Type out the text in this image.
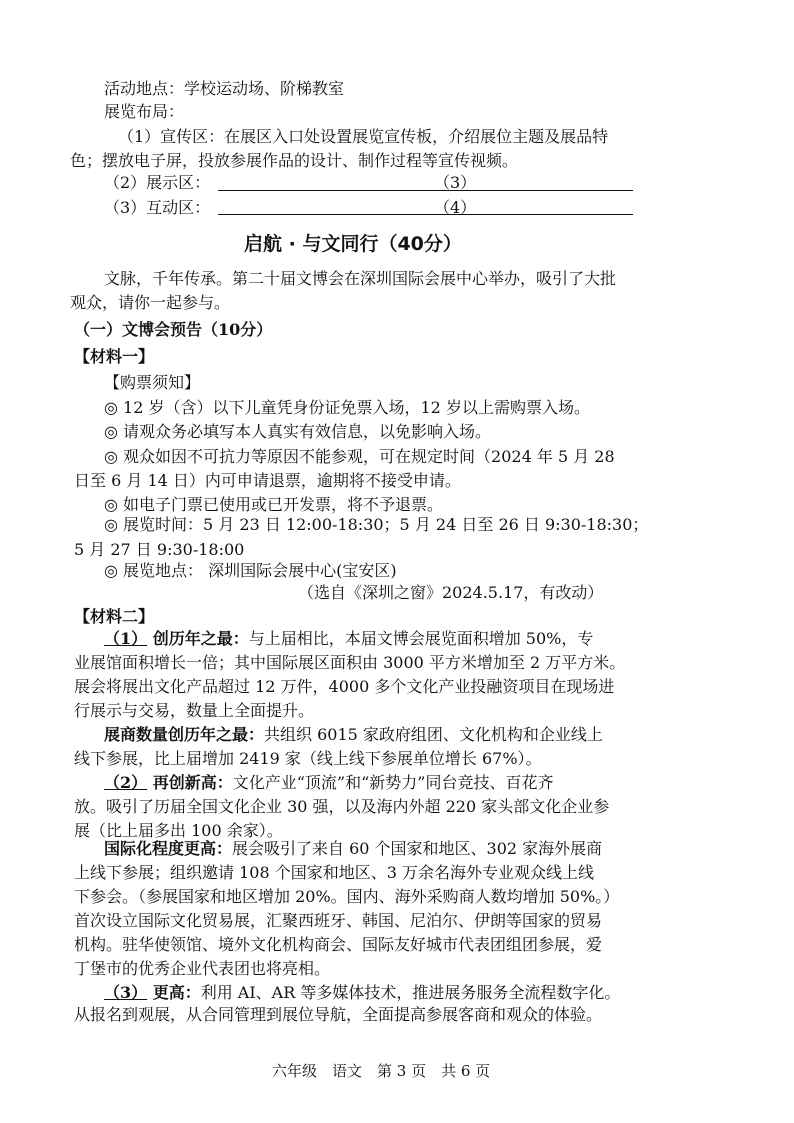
活动地点：学校运动场、阶梯教室
展览布局：
（1）宣传区：在展区入口处设置展览宣传板，介绍展位主题及展品特
色；摆放电子屏，投放参展作品的设计、制作过程等宣传视频。
（2）展示区：	（3）
（3）互动区：	（4）
启航 · 与文同行（40分）
文脉，千年传承。第二十届文博会在深圳国际会展中心举办，吸引了大批
观众，请你一起参与。
（一）文博会预告（10分）
【材料一】
【购票须知】
◎ 12 岁（含）以下儿童凭身份证免票入场，12 岁以上需购票入场。
◎ 请观众务必填写本人真实有效信息，以免影响入场。
◎ 观众如因不可抗力等原因不能参观，可在规定时间（2024 年 5 月 28
日至 6 月 14 日）内可申请退票，逾期将不接受申请。
◎ 如电子门票已使用或已开发票，将不予退票。
◎ 展览时间：5 月 23 日 12:00-18:30；5 月 24 日至 26 日 9:30-18:30；
5 月 27 日 9:30-18:00
◎ 展览地点： 深圳国际会展中心(宝安区)
（选自《深圳之窗》2024.5.17，有改动）
【材料二】
（1） 创历年之最：与上届相比，本届文博会展览面积增加 50%，专
业展馆面积增长一倍；其中国际展区面积由 3000 平方米增加至 2 万平方米。
展会将展出文化产品超过 12 万件，4000 多个文化产业投融资项目在现场进
行展示与交易，数量上全面提升。
展商数量创历年之最：共组织 6015 家政府组团、文化机构和企业线上
线下参展，比上届增加 2419 家（线上线下参展单位增长 67%）。
（2） 再创新高：文化产业“顶流”和“新势力”同台竞技、百花齐
放。吸引了历届全国文化企业 30 强，以及海内外超 220 家头部文化企业参
展（比上届多出 100 余家）。
国际化程度更高：展会吸引了来自 60 个国家和地区、302 家海外展商
上线下参展；组织邀请 108 个国家和地区、3 万余名海外专业观众线上线
下参会。（参展国家和地区增加 20%。国内、海外采购商人数均增加 50%。）
首次设立国际文化贸易展，汇聚西班牙、韩国、尼泊尔、伊朗等国家的贸易
机构。驻华使领馆、境外文化机构商会、国际友好城市代表团组团参展，爱
丁堡市的优秀企业代表团也将亮相。
（3） 更高：利用 AI、AR 等多媒体技术，推进展务服务全流程数字化。
从报名到观展，从合同管理到展位导航，全面提高参展客商和观众的体验。
六年级　语文　第 3 页　共 6 页
